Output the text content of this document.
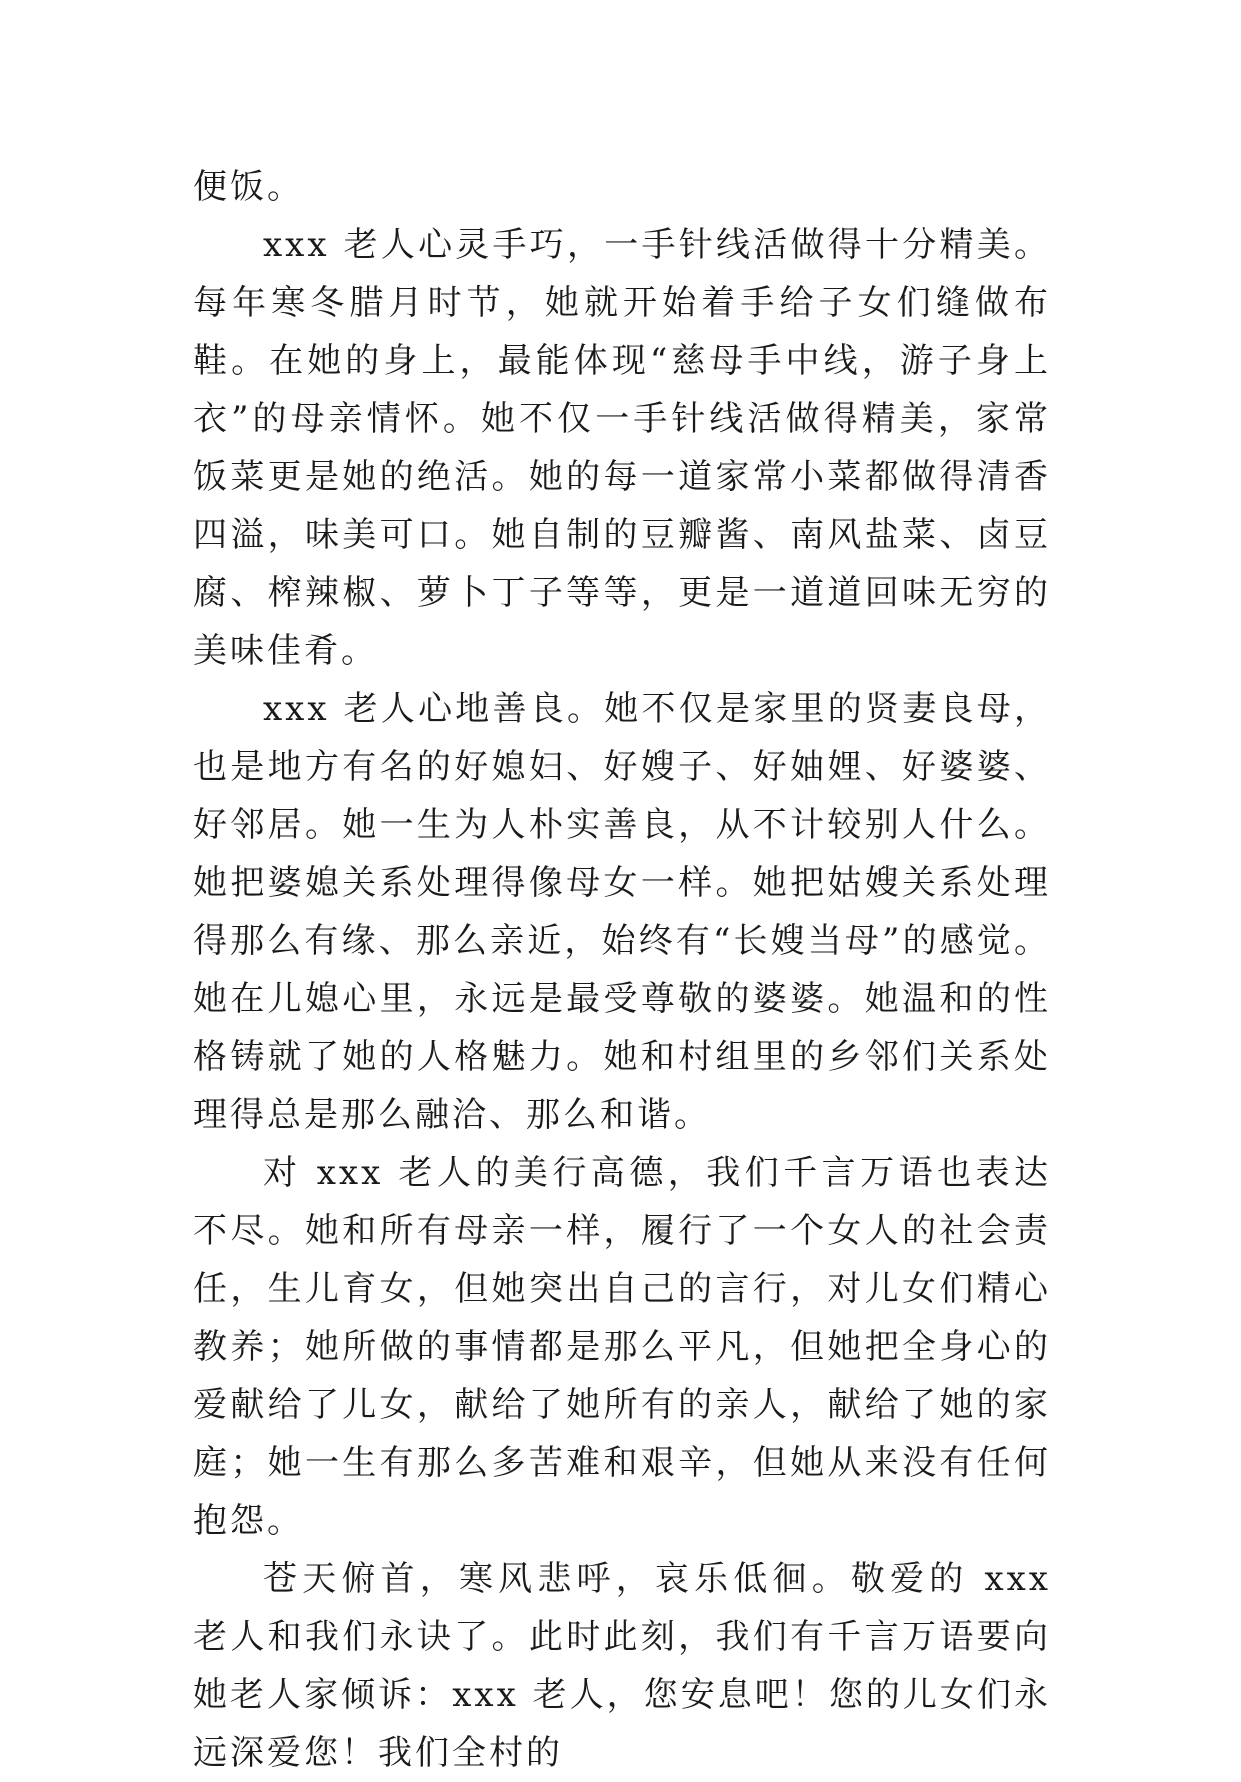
便饭。

xxx 老人心灵手巧，一手针线活做得十分精美。每年寒冬腊月时节，她就开始着手给子女们缝做布鞋。在她的身上，最能体现“慈母手中线，游子身上衣”的母亲情怀。她不仅一手针线活做得精美，家常饭菜更是她的绝活。她的每一道家常小菜都做得清香四溢，味美可口。她自制的豆瓣酱、南风盐菜、卤豆腐、榨辣椒、萝卜丁子等等，更是一道道回味无穷的美味佳肴。

xxx 老人心地善良。她不仅是家里的贤妻良母，也是地方有名的好媳妇、好嫂子、好妯娌、好婆婆、好邻居。她一生为人朴实善良，从不计较别人什么。她把婆媳关系处理得像母女一样。她把姑嫂关系处理得那么有缘、那么亲近，始终有“长嫂当母”的感觉。她在儿媳心里，永远是最受尊敬的婆婆。她温和的性格铸就了她的人格魅力。她和村组里的乡邻们关系处理得总是那么融洽、那么和谐。

对 xxx 老人的美行高德，我们千言万语也表达不尽。她和所有母亲一样，履行了一个女人的社会责任，生儿育女，但她突出自己的言行，对儿女们精心教养；她所做的事情都是那么平凡，但她把全身心的爱献给了儿女，献给了她所有的亲人，献给了她的家庭；她一生有那么多苦难和艰辛，但她从来没有任何抱怨。

苍天俯首，寒风悲呼，哀乐低徊。敬爱的 xxx 老人和我们永诀了。此时此刻，我们有千言万语要向她老人家倾诉：xxx 老人，您安息吧！您的儿女们永远深爱您！我们全村的
